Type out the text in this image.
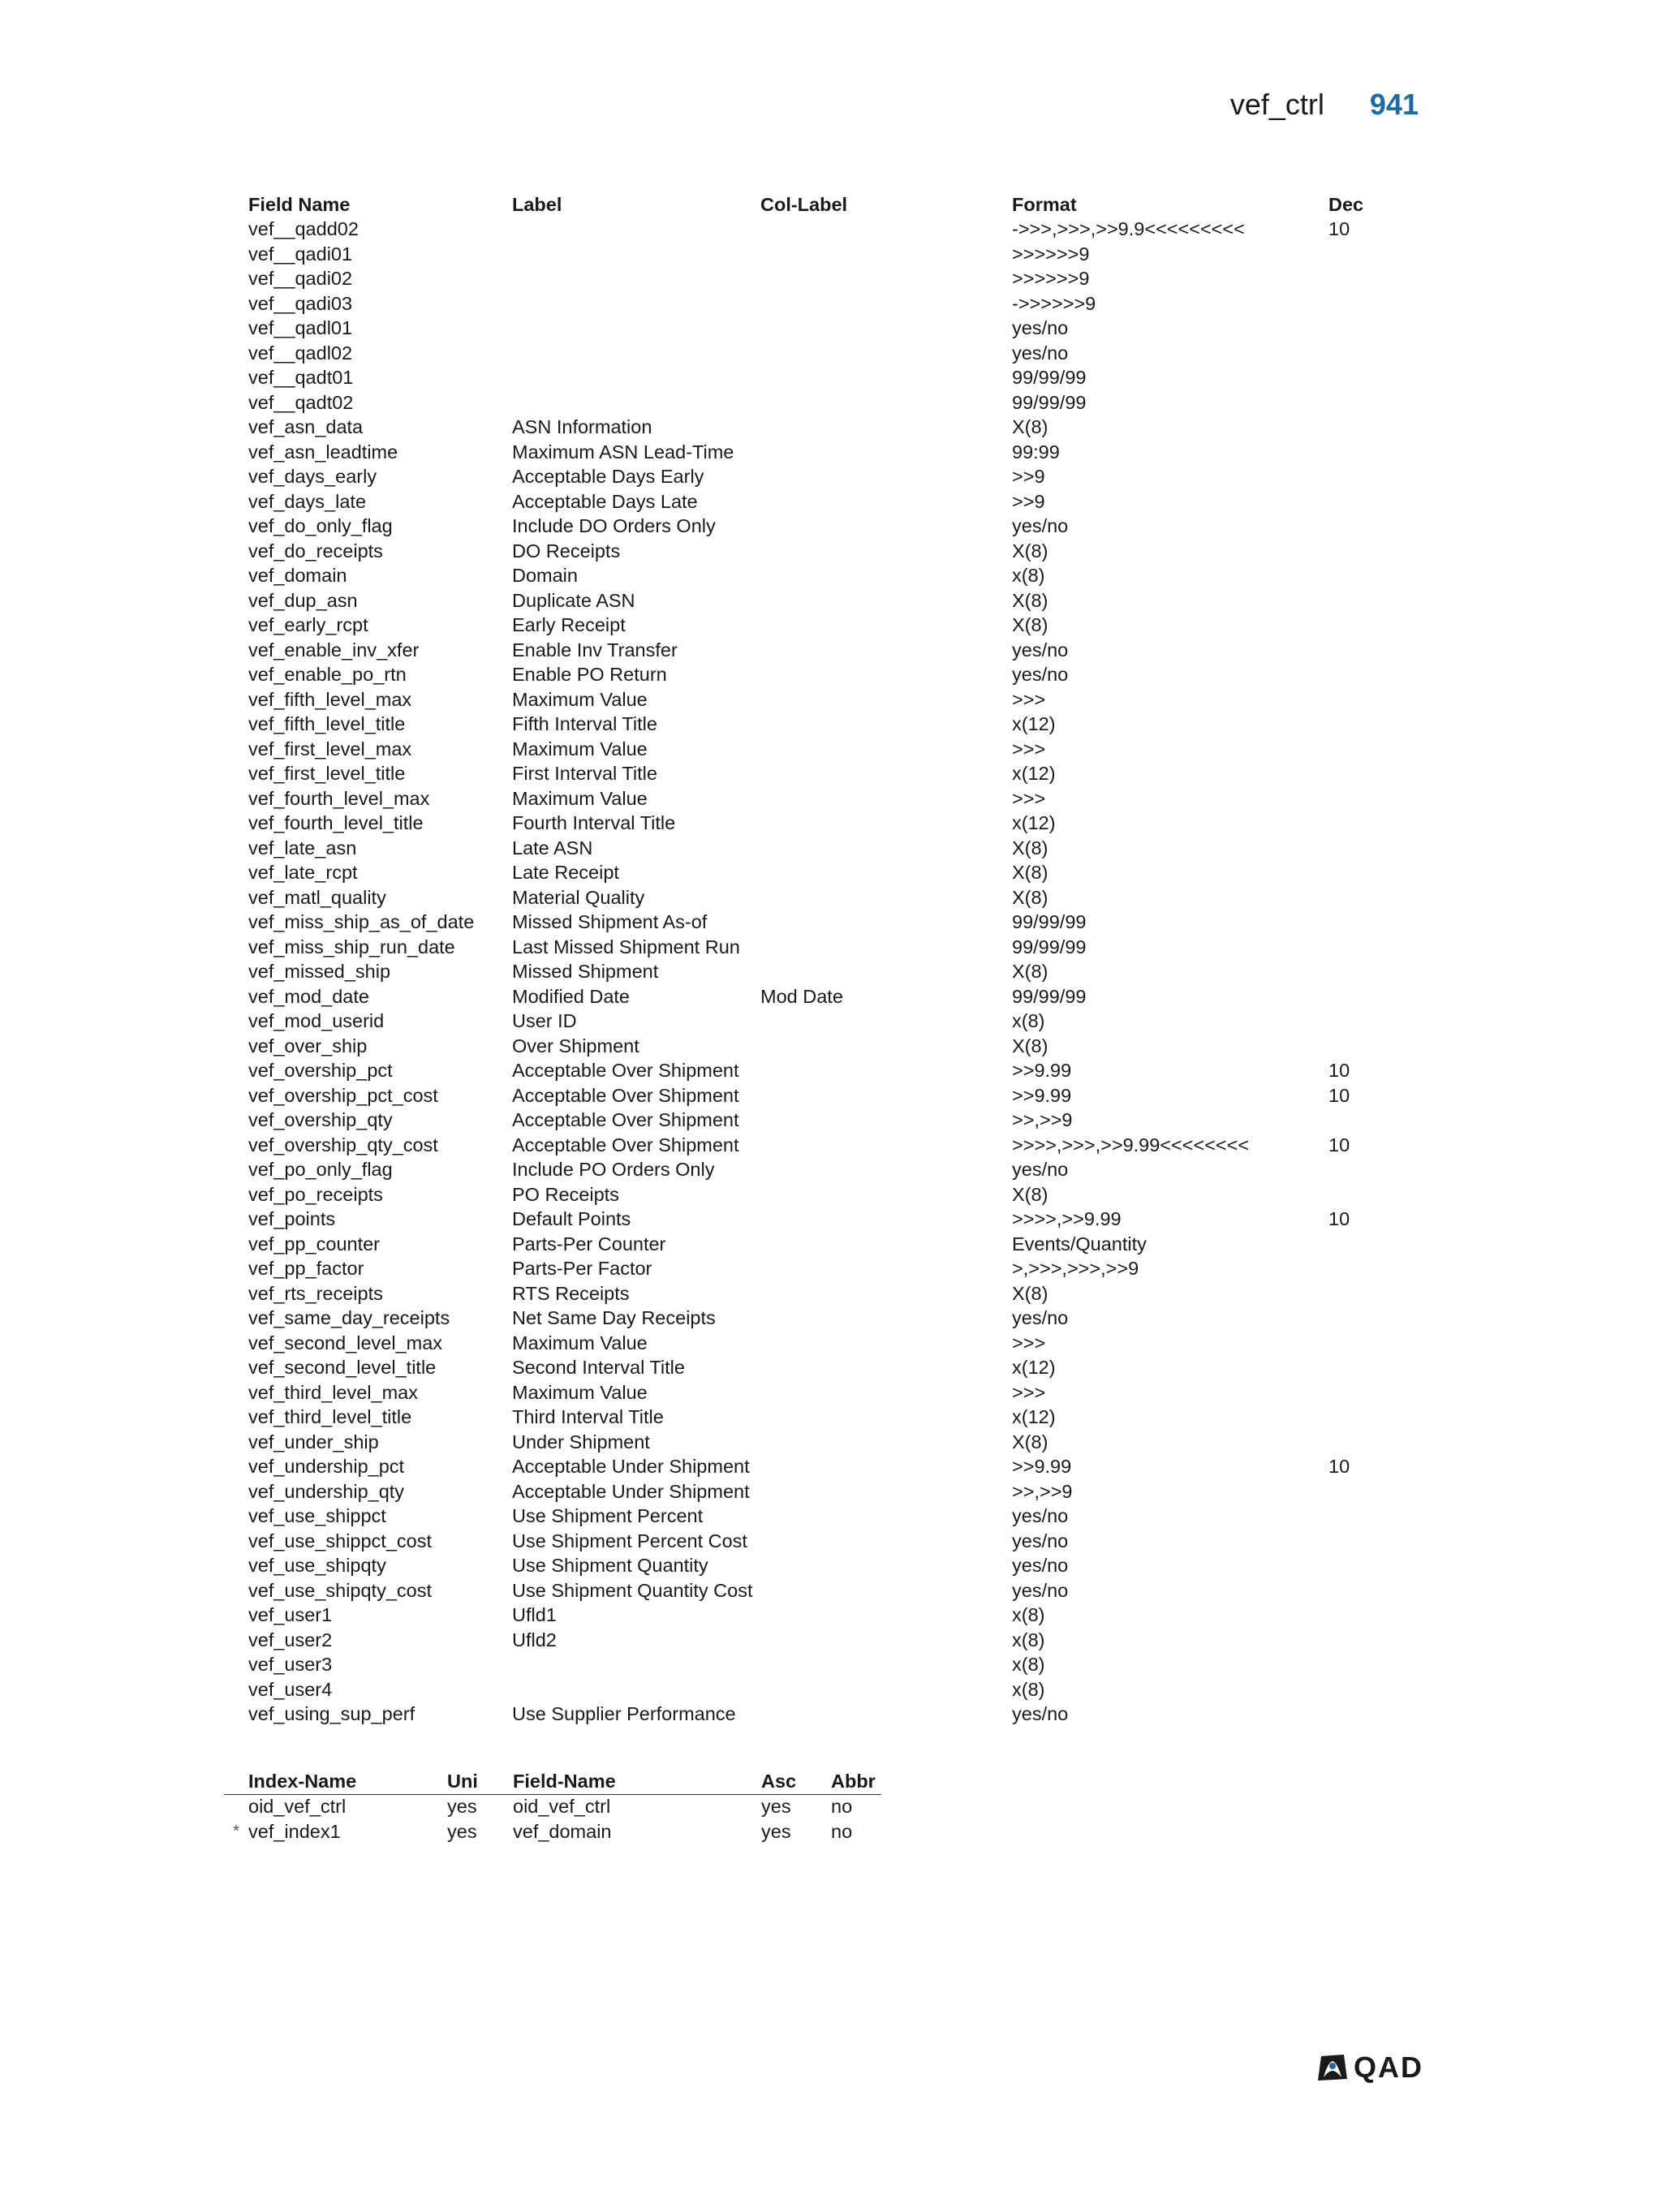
vef_ctrl 941
Field Name	Label	Col-Label	Format	Dec
vef__qadd02			->>>,>>>,>>9.9<<<<<<<<<	10
vef__qadi01			>>>>>>9	
vef__qadi02			>>>>>>9	
vef__qadi03			->>>>>>9	
vef__qadl01			yes/no	
vef__qadl02			yes/no	
vef__qadt01			99/99/99	
vef__qadt02			99/99/99	
vef_asn_data	ASN Information		X(8)	
vef_asn_leadtime	Maximum ASN Lead-Time		99:99	
vef_days_early	Acceptable Days Early		>>9	
vef_days_late	Acceptable Days Late		>>9	
vef_do_only_flag	Include DO Orders Only		yes/no	
vef_do_receipts	DO Receipts		X(8)	
vef_domain	Domain		x(8)	
vef_dup_asn	Duplicate ASN		X(8)	
vef_early_rcpt	Early Receipt		X(8)	
vef_enable_inv_xfer	Enable Inv Transfer		yes/no	
vef_enable_po_rtn	Enable PO Return		yes/no	
vef_fifth_level_max	Maximum Value		>>>	
vef_fifth_level_title	Fifth Interval Title		x(12)	
vef_first_level_max	Maximum Value		>>>	
vef_first_level_title	First Interval Title		x(12)	
vef_fourth_level_max	Maximum Value		>>>	
vef_fourth_level_title	Fourth Interval Title		x(12)	
vef_late_asn	Late ASN		X(8)	
vef_late_rcpt	Late Receipt		X(8)	
vef_matl_quality	Material Quality		X(8)	
vef_miss_ship_as_of_date	Missed Shipment As-of		99/99/99	
vef_miss_ship_run_date	Last Missed Shipment Run		99/99/99	
vef_missed_ship	Missed Shipment		X(8)	
vef_mod_date	Modified Date	Mod Date	99/99/99	
vef_mod_userid	User ID		x(8)	
vef_over_ship	Over Shipment		X(8)	
vef_overship_pct	Acceptable Over Shipment		>>9.99	10
vef_overship_pct_cost	Acceptable Over Shipment		>>9.99	10
vef_overship_qty	Acceptable Over Shipment		>>,>>9	
vef_overship_qty_cost	Acceptable Over Shipment		>>>>,>>>,>>9.99<<<<<<<<	10
vef_po_only_flag	Include PO Orders Only		yes/no	
vef_po_receipts	PO Receipts		X(8)	
vef_points	Default Points		>>>>,>>9.99	10
vef_pp_counter	Parts-Per Counter		Events/Quantity	
vef_pp_factor	Parts-Per Factor		>,>>>,>>>,>>9	
vef_rts_receipts	RTS Receipts		X(8)	
vef_same_day_receipts	Net Same Day Receipts		yes/no	
vef_second_level_max	Maximum Value		>>>	
vef_second_level_title	Second Interval Title		x(12)	
vef_third_level_max	Maximum Value		>>>	
vef_third_level_title	Third Interval Title		x(12)	
vef_under_ship	Under Shipment		X(8)	
vef_undership_pct	Acceptable Under Shipment		>>9.99	10
vef_undership_qty	Acceptable Under Shipment		>>,>>9	
vef_use_shippct	Use Shipment Percent		yes/no	
vef_use_shippct_cost	Use Shipment Percent Cost		yes/no	
vef_use_shipqty	Use Shipment Quantity		yes/no	
vef_use_shipqty_cost	Use Shipment Quantity Cost		yes/no	
vef_user1	Ufld1		x(8)	
vef_user2	Ufld2		x(8)	
vef_user3			x(8)	
vef_user4			x(8)	
vef_using_sup_perf	Use Supplier Performance		yes/no	
	Index-Name	Uni	Field-Name	Asc	Abbr
	oid_vef_ctrl	yes	oid_vef_ctrl	yes	no
*	vef_index1	yes	vef_domain	yes	no
QAD
